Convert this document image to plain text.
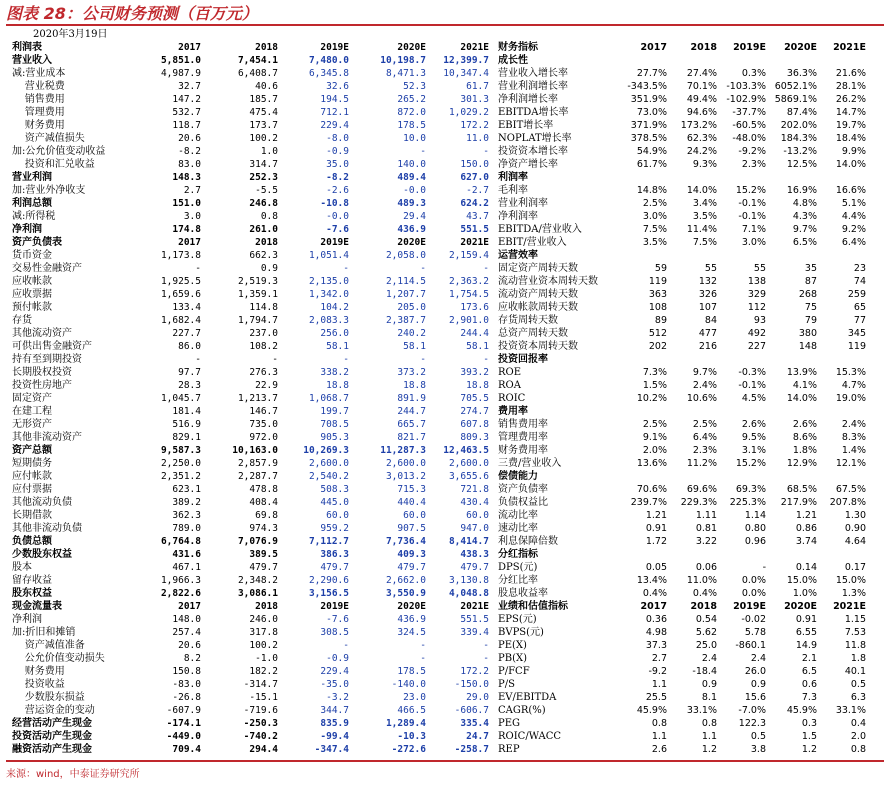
图表 28：公司财务预测（百万元）
2020年3月19日
利润表	2017	2018	2019E	2020E	2021E
营业收入	5,851.0	7,454.1	7,480.0	10,198.7	12,399.7
减:营业成本	4,987.9	6,408.7	6,345.8	8,471.3	10,347.4
营业税费	32.7	40.6	32.6	52.3	61.7
销售费用	147.2	185.7	194.5	265.2	301.3
管理费用	532.7	475.4	712.1	872.0	1,029.2
财务费用	118.7	173.7	229.4	178.5	172.2
资产减值损失	20.6	100.2	-8.0	10.0	11.0
加:公允价值变动收益	-8.2	1.0	-0.9	-	-
投资和汇兑收益	83.0	314.7	35.0	140.0	150.0
营业利润	148.3	252.3	-8.2	489.4	627.0
加:营业外净收支	2.7	-5.5	-2.6	-0.0	-2.7
利润总额	151.0	246.8	-10.8	489.3	624.2
减:所得税	3.0	0.8	-0.0	29.4	43.7
净利润	174.8	261.0	-7.6	436.9	551.5
资产负债表	2017	2018	2019E	2020E	2021E
货币资金	1,173.8	662.3	1,051.4	2,058.0	2,159.4
交易性金融资产	-	0.9	-	-	-
应收帐款	1,925.5	2,519.3	2,135.0	2,114.5	2,363.2
应收票据	1,659.6	1,359.1	1,342.0	1,207.7	1,754.5
预付帐款	133.4	114.8	104.2	205.0	173.6
存货	1,682.4	1,794.7	2,083.3	2,387.7	2,901.0
其他流动资产	227.7	237.0	256.0	240.2	244.4
可供出售金融资产	86.0	108.2	58.1	58.1	58.1
持有至到期投资	-	-	-	-	-
长期股权投资	97.7	276.3	338.2	373.2	393.2
投资性房地产	28.3	22.9	18.8	18.8	18.8
固定资产	1,045.7	1,213.7	1,068.7	891.9	705.5
在建工程	181.4	146.7	199.7	244.7	274.7
无形资产	516.9	735.0	708.5	665.7	607.8
其他非流动资产	829.1	972.0	905.3	821.7	809.3
资产总额	9,587.3	10,163.0	10,269.3	11,287.3	12,463.5
短期债务	2,250.0	2,857.9	2,600.0	2,600.0	2,600.0
应付帐款	2,351.2	2,287.7	2,540.2	3,013.2	3,655.6
应付票据	623.1	478.8	508.3	715.3	721.8
其他流动负债	389.2	408.4	445.0	440.4	430.4
长期借款	362.3	69.8	60.0	60.0	60.0
其他非流动负债	789.0	974.3	959.2	907.5	947.0
负债总额	6,764.8	7,076.9	7,112.7	7,736.4	8,414.7
少数股东权益	431.6	389.5	386.3	409.3	438.3
股本	467.1	479.7	479.7	479.7	479.7
留存收益	1,966.3	2,348.2	2,290.6	2,662.0	3,130.8
股东权益	2,822.6	3,086.1	3,156.5	3,550.9	4,048.8
现金流量表	2017	2018	2019E	2020E	2021E
净利润	148.0	246.0	-7.6	436.9	551.5
加:折旧和摊销	257.4	317.8	308.5	324.5	339.4
资产减值准备	20.6	100.2	-	-	-
公允价值变动损失	8.2	-1.0	-0.9	-	-
财务费用	150.8	182.2	229.4	178.5	172.2
投资收益	-83.0	-314.7	-35.0	-140.0	-150.0
少数股东损益	-26.8	-15.1	-3.2	23.0	29.0
营运资金的变动	-607.9	-719.6	344.7	466.5	-606.7
经营活动产生现金	-174.1	-250.3	835.9	1,289.4	335.4
投资活动产生现金	-449.0	-740.2	-99.4	-10.3	24.7
融资活动产生现金	709.4	294.4	-347.4	-272.6	-258.7
财务指标	2017	2018	2019E	2020E	2021E
成长性					
营业收入增长率	27.7%	27.4%	0.3%	36.3%	21.6%
营业利润增长率	-343.5%	70.1%	-103.3%	6052.1%	28.1%
净利润增长率	351.9%	49.4%	-102.9%	5869.1%	26.2%
EBITDA增长率	73.0%	94.6%	-37.7%	87.4%	14.7%
EBIT增长率	371.9%	173.2%	-60.5%	202.0%	19.7%
NOPLAT增长率	378.5%	62.3%	-48.0%	184.3%	18.4%
投资资本增长率	54.9%	24.2%	-9.2%	-13.2%	9.9%
净资产增长率	61.7%	9.3%	2.3%	12.5%	14.0%
利润率					
毛利率	14.8%	14.0%	15.2%	16.9%	16.6%
营业利润率	2.5%	3.4%	-0.1%	4.8%	5.1%
净利润率	3.0%	3.5%	-0.1%	4.3%	4.4%
EBITDA/营业收入	7.5%	11.4%	7.1%	9.7%	9.2%
EBIT/营业收入	3.5%	7.5%	3.0%	6.5%	6.4%
运营效率					
固定资产周转天数	59	55	55	35	23
流动营业资本周转天数	119	132	138	87	74
流动资产周转天数	363	326	329	268	259
应收帐款周转天数	108	107	112	75	65
存货周转天数	89	84	93	79	77
总资产周转天数	512	477	492	380	345
投资资本周转天数	202	216	227	148	119
投资回报率					
ROE	7.3%	9.7%	-0.3%	13.9%	15.3%
ROA	1.5%	2.4%	-0.1%	4.1%	4.7%
ROIC	10.2%	10.6%	4.5%	14.0%	19.0%
费用率					
销售费用率	2.5%	2.5%	2.6%	2.6%	2.4%
管理费用率	9.1%	6.4%	9.5%	8.6%	8.3%
财务费用率	2.0%	2.3%	3.1%	1.8%	1.4%
三费/营业收入	13.6%	11.2%	15.2%	12.9%	12.1%
偿债能力					
资产负债率	70.6%	69.6%	69.3%	68.5%	67.5%
负债权益比	239.7%	229.3%	225.3%	217.9%	207.8%
流动比率	1.21	1.11	1.14	1.21	1.30
速动比率	0.91	0.81	0.80	0.86	0.90
利息保障倍数	1.72	3.22	0.96	3.74	4.64
分红指标					
DPS(元)	0.05	0.06	-	0.14	0.17
分红比率	13.4%	11.0%	0.0%	15.0%	15.0%
股息收益率	0.4%	0.4%	0.0%	1.0%	1.3%
业绩和估值指标	2017	2018	2019E	2020E	2021E
EPS(元)	0.36	0.54	-0.02	0.91	1.15
BVPS(元)	4.98	5.62	5.78	6.55	7.53
PE(X)	37.3	25.0	-860.1	14.9	11.8
PB(X)	2.7	2.4	2.4	2.1	1.8
P/FCF	-9.2	-18.4	26.0	6.5	40.1
P/S	1.1	0.9	0.9	0.6	0.5
EV/EBITDA	25.5	8.1	15.6	7.3	6.3
CAGR(%)	45.9%	33.1%	-7.0%	45.9%	33.1%
PEG	0.8	0.8	122.3	0.3	0.4
ROIC/WACC	1.1	1.1	0.5	1.5	2.0
REP	2.6	1.2	3.8	1.2	0.8
来源：wind，中泰证券研究所
